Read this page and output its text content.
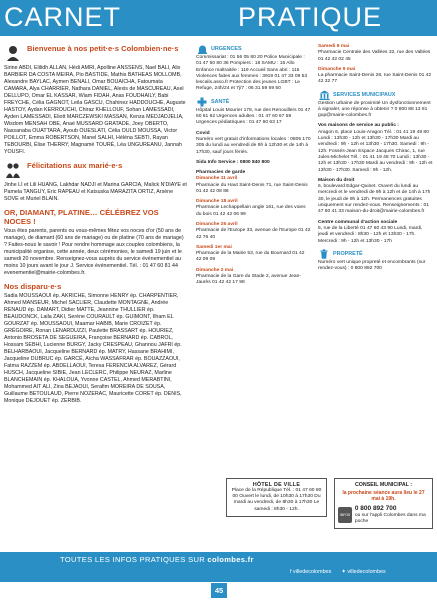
CARNET	PRATIQUE
Bienvenue à nos petit·e·s Colombien·ne·s

Sirine ABDI, Elilidh ALLAN, Hédi AMRI, Apolline ANSSENS, Nael BALI, Alix BARBIER DA COSTA MEIRA, Pio BASTIDE, Mathis BATHEAS MOLLOMB, Alexandre BAYLAC, Aymen BENALI, Omar BOUAICHA, Fatoumata CAMARA, Alya CHARRIER, Nathara DANIEL, Alexis de MASCUREAU, Axel DELLUPO, Omar EL KASSAR, Wiam FIDAH, Anas FOUDHAILY, Babi FREYCHE, Célia GAGNOT, Leila GASCU, Chahinez HADDOUCHE, Auguste HASTOY, Aydan KERROUCHI, Chiraz KHELLOUF, Sohan LAMESSADI, Ayden LAMESSADI, Eliott MARCZEWSKI MASSAN, Kenza MEDJADJELIA, Wisdom MENSAH OBE, Anaé MUSSARD GRATADE, Joey OBERTO, Nassanaba OUATTARA, Ayoub OUESLATI, Célia OULD MOUSSA, Victor POILLOT, Emma ROBERTSON, Manel SALHI, Héléna SEBTI, Rayan TEBOURBI, Élise THERRY, Magnamé TOURÉ, Léa UNGUREANU, Jannah YOUSFI.

Félicitations aux marié·e·s

Jinhe LI et Lili HUANG, Lakhdar NADJI et Marina GARCIA, Malick N'DIAYE et Pamela TANGUY, Eric RAPEAU et Katsuska MARAZITA ORTIZ, Arsène SOVE et Muriel BLAIN.

OR, DIAMANT, PLATINE… CÉLÉBREZ VOS NOCES !

Vous êtes parents, parents ou vous-mêmes fêtez vos noces d'or (50 ans de mariage), de diamant (60 ans de mariage) ou de platine (70 ans de mariage) ? Faites-nous le savoir ! Pour rendre hommage aux couples colombiens, la municipalité organise, cette année, deux cérémonies, le samedi 19 juin et le samedi 20 novembre. Renseignez-vous auprès du service événementiel au moins 10 jours avant le jour J. Service événementiel. Tél. : 01 47 60 81 44 evenementiel@mairie-colombes.fr.

Nos disparu·e·s

Sadia MOUSSAOUI ép. AKRICHE, Simonne HENRY ép. CHARPENTIER, Ahmed MANSEUR, Michel SACLIER, Claudette MONTAGNE, Andrée RENAUD ép. DAMART, Didier MATTE, Jeannine THULLIER ép. BEAUDONCK, Laila ZAKI, Serène COURAULT ép. GUIMONT, Ilham EL GOURZAT ép. MOUSSAOUI, Maamar HABIB, Marie CROIZET ép. GRÉGOIRE, Ronan LENARDUZZI, Paulette BRASSART ép. HOURIEZ, Antonio BROSETA DE SEGUEIRA, Françoise BERNARD ép. CABROL, Hossam SEBHI, Lucienne BURGY, Jacky CRESPEAU, Ghannou JAFRI ép. BELHARBAOUI, Jacqueline BERNARD ép. MATRY, Hassane BRAHIMI, Jacqueline DUBRUC ép. GARCÉ, Aïcha WASSAFRAR ép. BOUAZZAOUI, Fatma RAZZEM ép. ABDELLAOUI, Teresa FERENCIA ALVAREZ, Gérard HUSCH, Jacqueline SIBIE, Jean LECLERC, Philippe NEURAZ, Marline BLANCHEMAIN ép. KHALOUA, Yvonne CASTEL, Ahmed MERABTINI, Mohammed AIT ALI, Zina BEJAOUI, Serafim MOREIRA DE SOUSA, Guillaume BETOULAUD, Pierre NOZERAC, Mauricette CORET ép. DENIS, Monique DEJOUET ép. ZERBIB.

URGENCES

Commissariat : 01 56 05 80 20 Police Municipale : 01 47 60 80 36 Pompiers : 18 SAMU : 15 Allo Enfance maltraitée : 119 Accueil Sans abri : 115 Violences faites aux femmes : 3919 01 47 33 09 53 lescalis.asso.fr Protection des jeunes LGBT : Le Refuge, 24h/24 et 7j/7 : 06 31 59 69 50

SANTÉ

Hôpital Louis Mourier 178, rue des Renouillers 01 47 60 61 62 Urgences adultes : 01 47 60 67 59 Urgences pédiatriques : 01 47 60 63 17

Covid

Numéro vert gratuit d'informations locales : 0805 170 305 du lundi au vendredi de 9h à 12h30 et de 14h à 17h30, sauf jours fériés.

Sida Info Service : 0800 840 800

Pharmacies de garde

Dimanche 11 avril

Pharmacie du Haut Saint-Denis 71, rue Saint-Denis 01 42 42 08 86

Dimanche 18 avril

Pharmacie Lechappellain angle 161, rue des voies du bois 01 42 42 06 99

Dimanche 25 avril

Pharmacie de l'Europe 33, avenue de l'Europe 01 42 42 76 40

Samedi 1er mai

Pharmacie de la Mairie 53, rue du Bournard 01 42 42 09 09

Dimanche 2 mai

Pharmacie de la Gare du Stade 2, avenue Jean-Jaurès 01 42 42 17 98

Samedi 8 mai

Pharmacie Centrale des Vallées 32, rue des Vallées 01 42 42 02 45

Dimanche 9 mai

La pharmacie Saint-Denis 28, rue Saint-Denis 01 42 42 32 77

SERVICES MUNICIPAUX

Gestion urbaine de proximité Un dysfonctionnement à signaler, une réponse à obtenir ? 0 800 88 13 81 gup@mairie-colombes.fr

Vos maisons de service au public :

Aragon 6, place Louis-Aragon Tél. : 01 41 19 49 80 Lundi : 13h30 - 12h et 13h30 - 17h30 Mardi au vendredi : 9h - 12h et 13h30 - 17h30. Samedi : 9h - 12h. Fossés-Jean Espace Jacques Chirac, 1, rue Jules-Michelet Tél. : 01 41 19 48 70 Lundi : 13h30 - 12h et 13h30 - 17h30 Mardi au vendredi : 9h - 12h et 13h30 - 17h30. Samedi : 9h - 12h.

Maison du droit

6, boulevard Edgar-Quinet. Ouvert du lundi au mercredi et le vendredi de 9h à 12h et de 14h à 17h 30, le jeudi de 9h à 12h. Permanences gratuites uniquement sur rendez-vous. Renseignements : 01 47 60 41 33 maison-du-droit@mairie-colombes.fr

Centre communal d'action sociale

5, rue de la Liberté 01 47 60 43 90 Lundi, mardi, jeudi et vendredi : 8h30 - 12h et 13h30 - 17h. Mercredi : 9h - 12h et 13h30 - 17h

PROPRETÉ

Numéro vert unique propreté et encombrants (sur rendez-vous) : 0 800 892 700

HÔTEL DE VILLE

Place de la République Tél. : 01 47 60 80 00 Ouvert le lundi, de 10h30 à 17h30 Du mardi au vendredi, de 8h30 à 17h30 Le samedi : 8h30 - 12h.

CONSEIL MUNICIPAL :

la prochaine séance aura lieu le 27 mai à 19h.

INFOS
0 800 892 700
ou sur l'appli Colombes dans ma poche
TOUTES LES INFOS PRATIQUES SUR colombes.fr
f villedecolombes ✦ villedecolombes
45
